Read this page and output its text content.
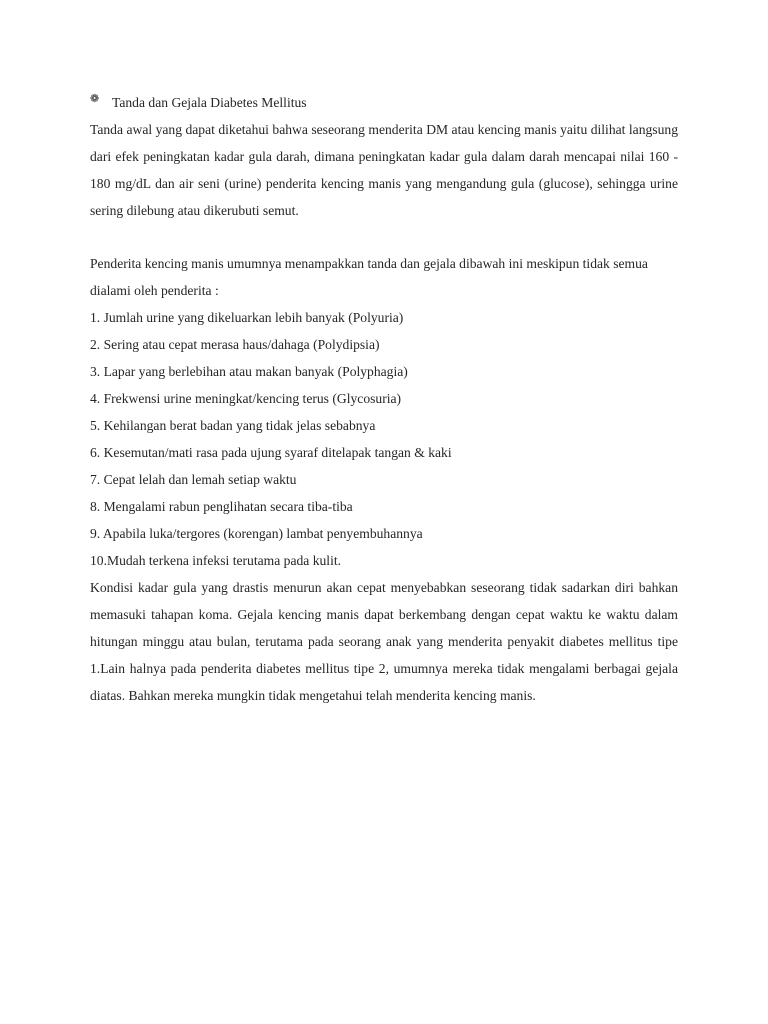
❁ Tanda dan Gejala Diabetes Mellitus

Tanda awal yang dapat diketahui bahwa seseorang menderita DM atau kencing manis yaitu dilihat langsung dari efek peningkatan kadar gula darah, dimana peningkatan kadar gula dalam darah mencapai nilai 160 - 180 mg/dL dan air seni (urine) penderita kencing manis yang mengandung gula (glucose), sehingga urine sering dilebung atau dikerubuti semut.

Penderita kencing manis umumnya menampakkan tanda dan gejala dibawah ini meskipun tidak semua dialami oleh penderita :

1. Jumlah urine yang dikeluarkan lebih banyak (Polyuria)
2. Sering atau cepat merasa haus/dahaga (Polydipsia)
3. Lapar yang berlebihan atau makan banyak (Polyphagia)
4. Frekwensi urine meningkat/kencing terus (Glycosuria)
5. Kehilangan berat badan yang tidak jelas sebabnya
6. Kesemutan/mati rasa pada ujung syaraf ditelapak tangan & kaki
7. Cepat lelah dan lemah setiap waktu
8. Mengalami rabun penglihatan secara tiba-tiba
9. Apabila luka/tergores (korengan) lambat penyembuhannya
10.Mudah terkena infeksi terutama pada kulit.

Kondisi kadar gula yang drastis menurun akan cepat menyebabkan seseorang tidak sadarkan diri bahkan memasuki tahapan koma. Gejala kencing manis dapat berkembang dengan cepat waktu ke waktu dalam hitungan minggu atau bulan, terutama pada seorang anak yang menderita penyakit diabetes mellitus tipe 1.Lain halnya pada penderita diabetes mellitus tipe 2, umumnya mereka tidak mengalami berbagai gejala diatas. Bahkan mereka mungkin tidak mengetahui telah menderita kencing manis.
